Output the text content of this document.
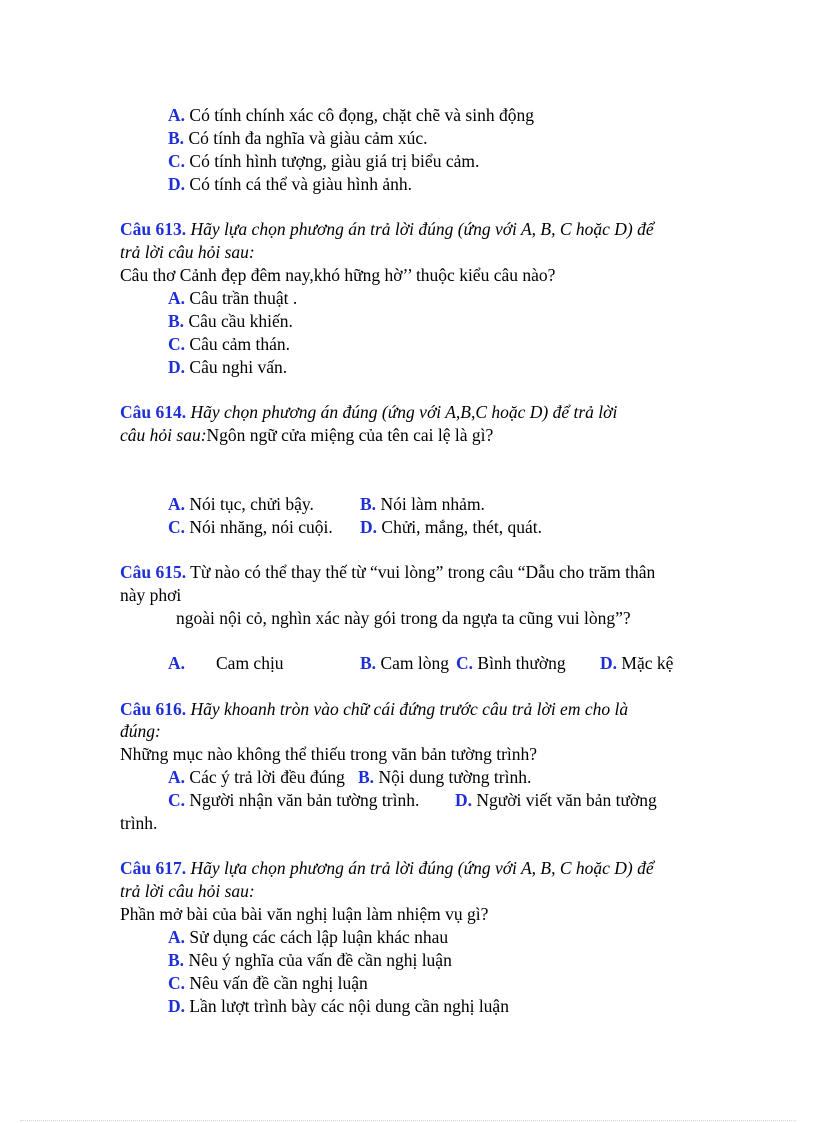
A. Có tính chính xác cô đọng, chặt chẽ và sinh động
B. Có tính đa nghĩa và giàu cảm xúc.
C. Có tính hình tượng, giàu giá trị biểu cảm.
D. Có tính cá thể và giàu hình ảnh.
Câu 613. Hãy lựa chọn phương án trả lời đúng (ứng với A, B, C hoặc D) để
trả lời câu hỏi sau:
Câu thơ Cảnh đẹp đêm nay,khó hững hờ’’ thuộc kiểu câu nào?
A. Câu trần thuật .
B. Câu cầu khiến.
C. Câu cảm thán.
D. Câu nghi vấn.
Câu 614. Hãy chọn phương án đúng (ứng với A,B,C hoặc D) để trả lời
câu hỏi sau:Ngôn ngữ cửa miệng của tên cai lệ là gì?
A. Nói tục, chửi bậy.	B. Nói làm nhảm.
C. Nói nhăng, nói cuội. D. Chửi, mắng, thét, quát.
Câu 615. Từ nào có thể thay thế từ “vui lòng” trong câu “Dẫu cho trăm thân
này phơi
ngoài nội cỏ, nghìn xác này gói trong da ngựa ta cũng vui lòng”?
A. Cam chịu	B. Cam lòng C. Bình thường D. Mặc kệ
Câu 616. Hãy khoanh tròn vào chữ cái đứng trước câu trả lời em cho là
đúng:
Những mục nào không thể thiếu trong văn bản tường trình?
A. Các ý trả lời đều đúng B. Nội dung tường trình.
C. Người nhận văn bản tường trình. D. Người viết văn bản tường
trình.
Câu 617. Hãy lựa chọn phương án trả lời đúng (ứng với A, B, C hoặc D) để
trả lời câu hỏi sau:
Phần mở bài của bài văn nghị luận làm nhiệm vụ gì?
A. Sử dụng các cách lập luận khác nhau
B. Nêu ý nghĩa của vấn đề cần nghị luận
C. Nêu vấn đề cần nghị luận
D. Lần lượt trình bày các nội dung cần nghị luận
